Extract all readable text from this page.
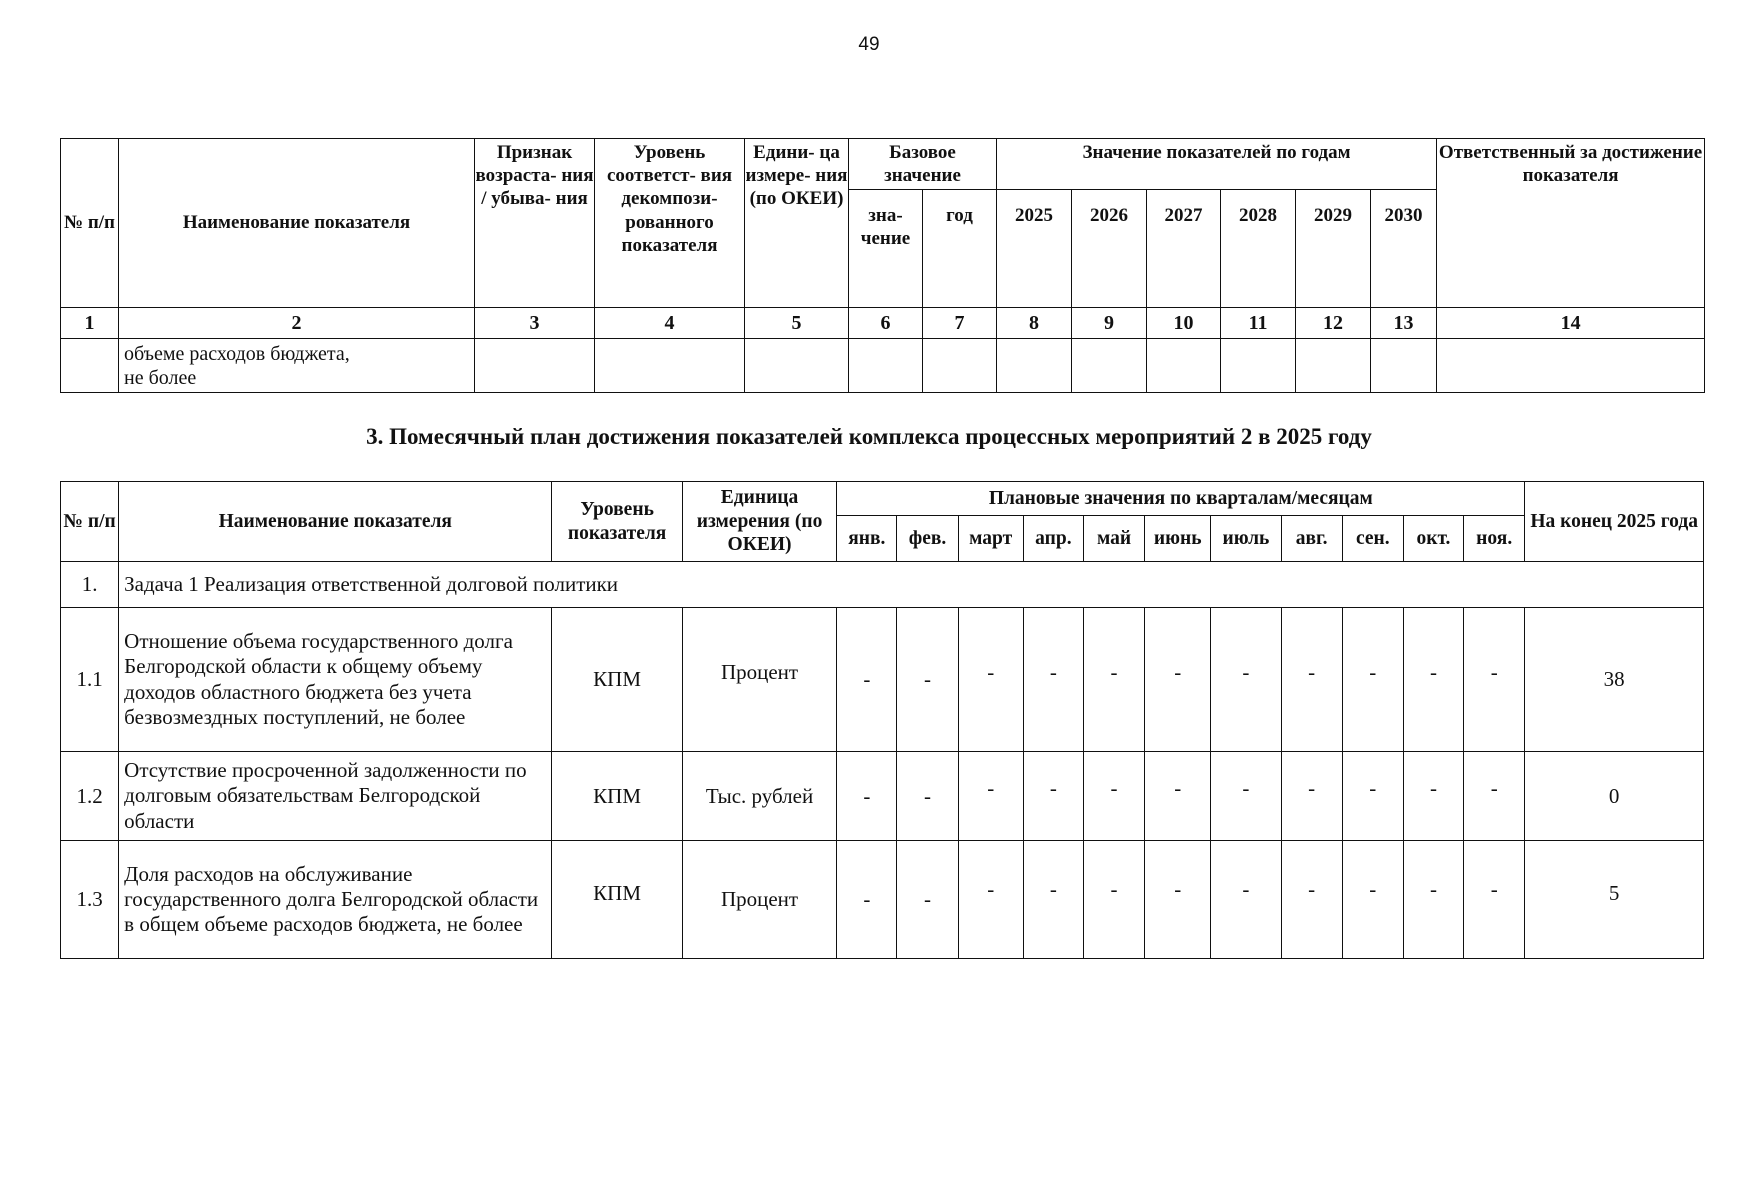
49
№ п/п	Наименование показателя	Признак возраста- ния / убыва- ния	Уровень соответст- вия декомпози- рованного показателя	Едини- ца измере- ния (по ОКЕИ)	Базовое значение		Значение показателей по годам						Ответственный за достижение показателя
					зна- чение	год	2025	2026	2027	2028	2029	2030	
1	2	3	4	5	6	7	8	9	10	11	12	13	14

	объеме расходов бюджета,
не более												

3. Помесячный план достижения показателей комплекса процессных мероприятий 2 в 2025 году
№ п/п	Наименование показателя	Уровень показателя	Единица измерения (по ОКЕИ)	Плановые значения по кварталам/месяцам											На конец 2025 года
				янв.	фев.	март	апр.	май	июнь	июль	авг.	сен.	окт.	ноя.	
1.	Задача 1 Реализация ответственной долговой политики														
1.1	Отношение объема государственного долга Белгородской области к общему объему доходов областного бюджета без учета безвозмездных поступлений, не более	КПМ	Процент	-	-	-	-	-	-	-	-	-	-	-	38
1.2	Отсутствие просроченной задолженности по долговым обязательствам Белгородской области	КПМ	Тыс. рублей	-	-	-	-	-	-	-	-	-	-	-	0
1.3	Доля расходов на обслуживание государственного долга Белгородской области в общем объеме расходов бюджета, не более	КПМ	Процент	-	-	-	-	-	-	-	-	-	-	-	5
